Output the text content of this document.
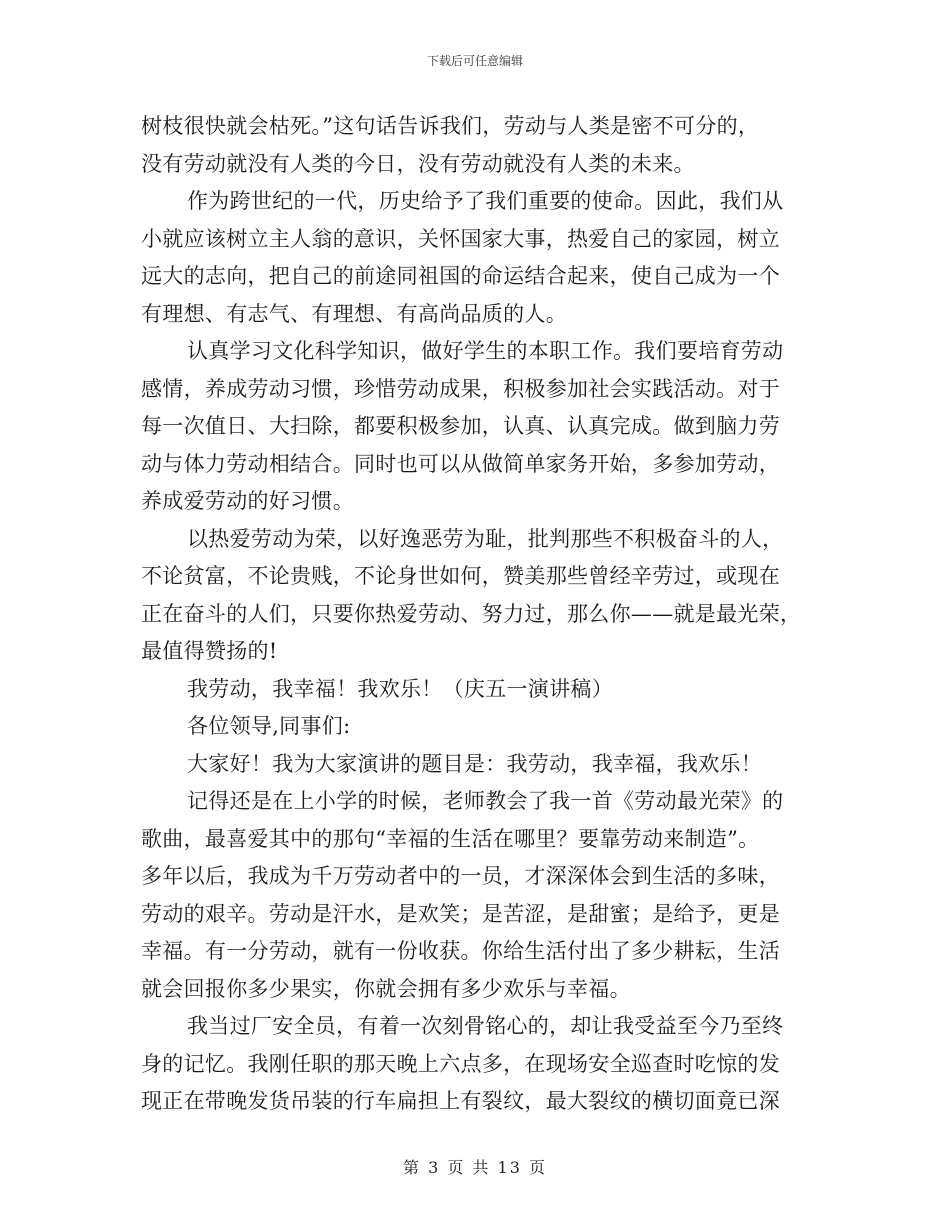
下载后可任意编辑
树枝很快就会枯死。”这句话告诉我们，劳动与人类是密不可分的，
没有劳动就没有人类的今日，没有劳动就没有人类的未来。
作为跨世纪的一代，历史给予了我们重要的使命。因此，我们从
小就应该树立主人翁的意识，关怀国家大事，热爱自己的家园，树立
远大的志向，把自己的前途同祖国的命运结合起来，使自己成为一个
有理想、有志气、有理想、有高尚品质的人。
认真学习文化科学知识，做好学生的本职工作。我们要培育劳动
感情，养成劳动习惯，珍惜劳动成果，积极参加社会实践活动。对于
每一次值日、大扫除，都要积极参加，认真、认真完成。做到脑力劳
动与体力劳动相结合。同时也可以从做简单家务开始，多参加劳动，
养成爱劳动的好习惯。
以热爱劳动为荣，以好逸恶劳为耻，批判那些不积极奋斗的人，
不论贫富，不论贵贱，不论身世如何，赞美那些曾经辛劳过，或现在
正在奋斗的人们，只要你热爱劳动、努力过，那么你——就是最光荣，
最值得赞扬的!
我劳动，我幸福！我欢乐！（庆五一演讲稿）
各位领导,同事们:
大家好！我为大家演讲的题目是：我劳动，我幸福，我欢乐！
记得还是在上小学的时候，老师教会了我一首《劳动最光荣》的
歌曲，最喜爱其中的那句“幸福的生活在哪里？要靠劳动来制造”。
多年以后，我成为千万劳动者中的一员，才深深体会到生活的多味，
劳动的艰辛。劳动是汗水，是欢笑；是苦涩，是甜蜜；是给予，更是
幸福。有一分劳动，就有一份收获。你给生活付出了多少耕耘，生活
就会回报你多少果实，你就会拥有多少欢乐与幸福。
我当过厂安全员，有着一次刻骨铭心的，却让我受益至今乃至终
身的记忆。我刚任职的那天晚上六点多，在现场安全巡查时吃惊的发
现正在带晚发货吊装的行车扁担上有裂纹，最大裂纹的横切面竟已深
第 3 页 共 13 页
